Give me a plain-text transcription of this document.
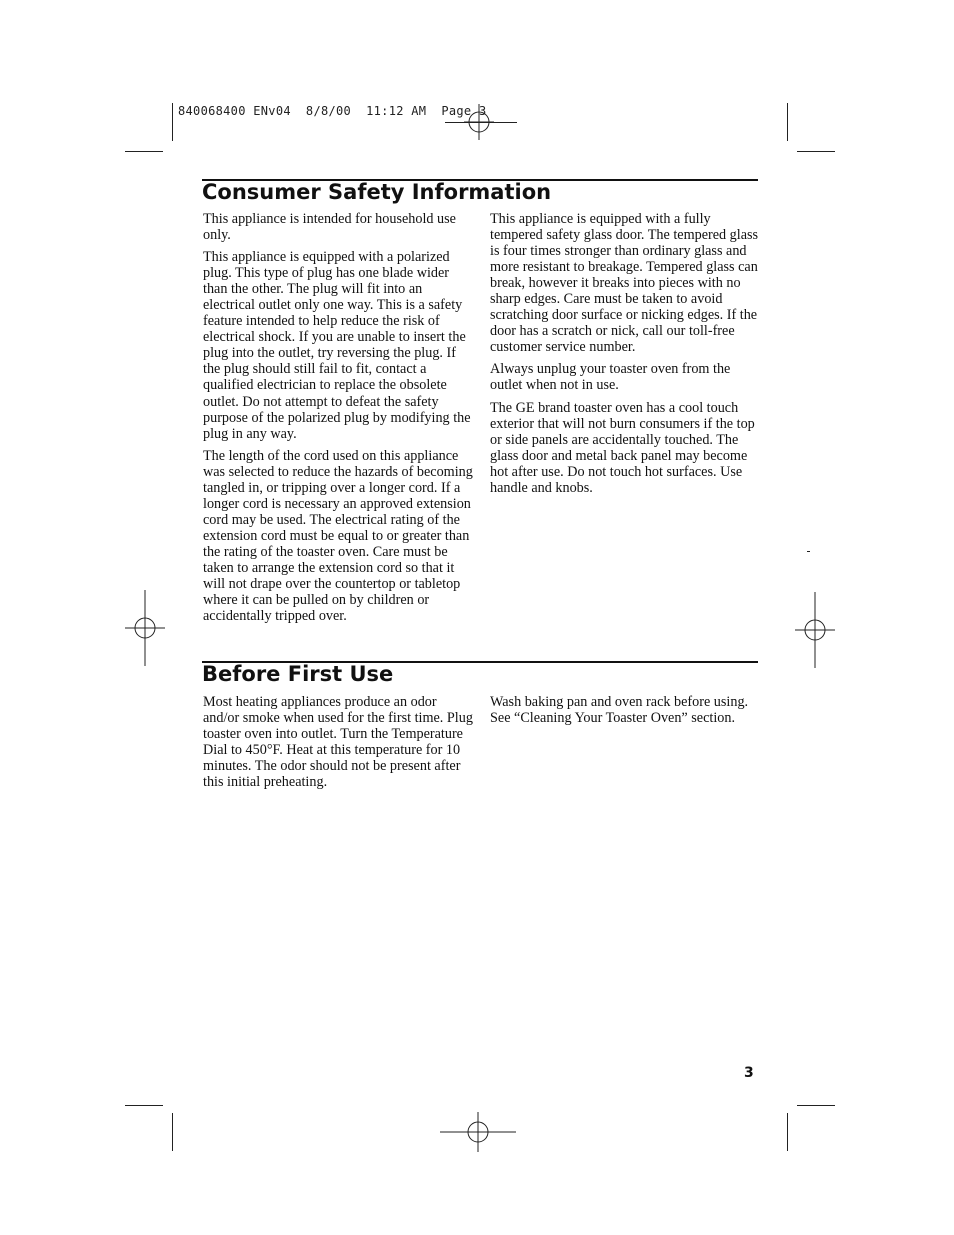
840068400 ENv04  8/8/00  11:12 AM  Page 3
Consumer Safety Information

This appliance is intended for household use only.

This appliance is equipped with a polarized plug. This type of plug has one blade wider than the other. The plug will fit into an electrical outlet only one way. This is a safety feature intended to help reduce the risk of electrical shock. If you are unable to insert the plug into the outlet, try reversing the plug. If the plug should still fail to fit, contact a qualified electrician to replace the obsolete outlet. Do not attempt to defeat the safety purpose of the polarized plug by modifying the plug in any way.

The length of the cord used on this appliance was selected to reduce the hazards of becoming tangled in, or tripping over a longer cord. If a longer cord is necessary an approved extension cord may be used. The electrical rating of the extension cord must be equal to or greater than the rating of the toaster oven. Care must be taken to arrange the extension cord so that it will not drape over the countertop or tabletop where it can be pulled on by children or accidentally tripped over.

This appliance is equipped with a fully tempered safety glass door. The tempered glass is four times stronger than ordinary glass and more resistant to breakage. Tempered glass can break, however it breaks into pieces with no sharp edges. Care must be taken to avoid scratching door surface or nicking edges. If the door has a scratch or nick, call our toll-free customer service number.

Always unplug your toaster oven from the outlet when not in use.

The GE brand toaster oven has a cool touch exterior that will not burn consumers if the top or side panels are accidentally touched. The glass door and metal back panel may become hot after use. Do not touch hot surfaces. Use handle and knobs.

Before First Use

Most heating appliances produce an odor and/or smoke when used for the first time. Plug toaster oven into outlet. Turn the Temperature Dial to 450°F. Heat at this temperature for 10 minutes. The odor should not be present after this initial preheating.

Wash baking pan and oven rack before using. See “Cleaning Your Toaster Oven” section.

3
